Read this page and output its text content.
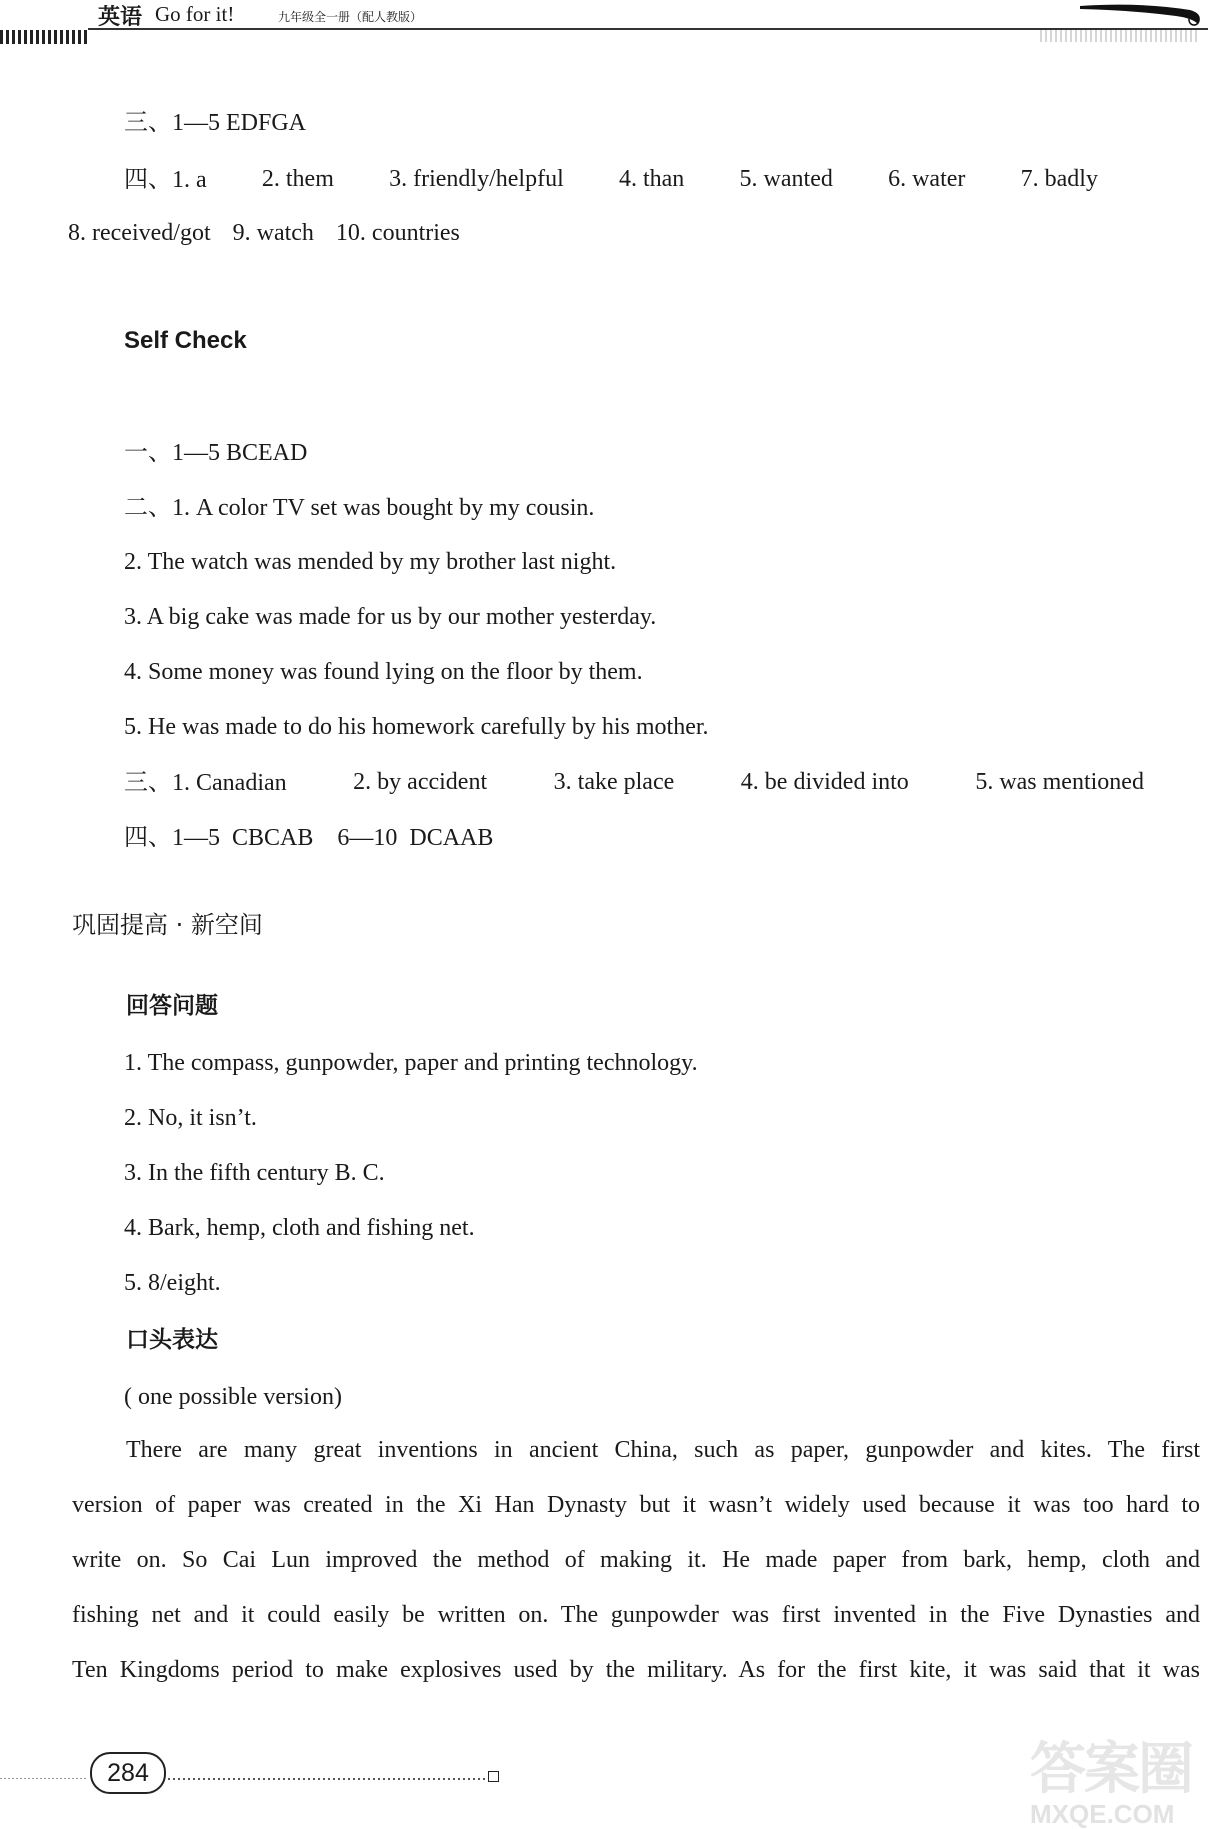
英语 Go for it!	九年级全一册（配人教版）
三、1—5 EDFGA
四、1. a 2. them 3. friendly/helpful 4. than 5. wanted 6. water 7. badly
8. received/got 9. watch 10. countries
Self Check
一、1—5 BCEAD
二、1. A color TV set was bought by my cousin.
2. The watch was mended by my brother last night.
3. A big cake was made for us by our mother yesterday.
4. Some money was found lying on the floor by them.
5. He was made to do his homework carefully by his mother.
三、1. Canadian	2. by accident	3. take place	4. be divided into	5. was mentioned
四、1—5  CBCAB    6—10  DCAAB
巩固提高 · 新空间
回答问题
1. The compass, gunpowder, paper and printing technology.
2. No, it isn’t.
3. In the fifth century B. C.
4. Bark, hemp, cloth and fishing net.
5. 8/eight.
口头表达
( one possible version)
There are many great inventions in ancient China, such as paper, gunpowder and kites. The first
version of paper was created in the Xi Han Dynasty but it wasn’t widely used because it was too hard to
write on. So Cai Lun improved the method of making it. He made paper from bark, hemp, cloth and
fishing net and it could easily be written on. The gunpowder was first invented in the Five Dynasties and
Ten Kingdoms period to make explosives used by the military. As for the first kite, it was said that it was
284	答案圈
MXQE.COM
